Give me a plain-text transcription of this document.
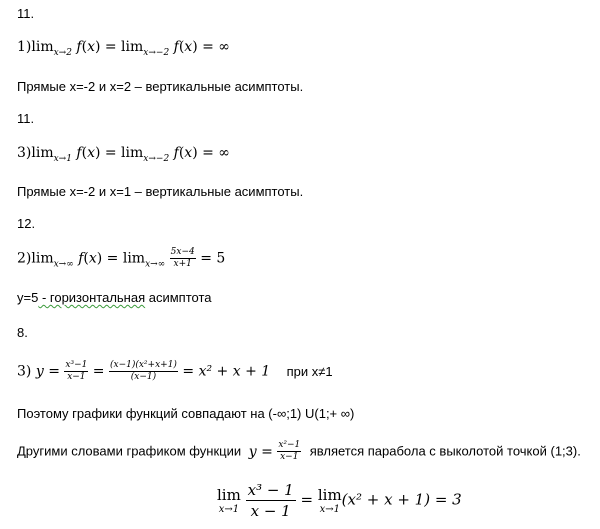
11.
$1)\lim_{x\to 2}$ $f(x) = \lim_{x\to-2} f(x)$ = ∞
Прямые x=-2 и x=2 – вертикальные асимптоты.
11.
$3)\lim_{x\to 1}$ $f(x) = \lim_{x\to-2} f(x)$ = ∞
Прямые x=-2 и x=1 – вертикальные асимптоты.
12.
$2)\lim_{x\to\infty}$ $f(x) = \lim_{x\to\infty} \frac{5x-4}{x+1} = 5$
y=5 - горизонтальная асимптота
8.
3) $y = \frac{\text{x³−1}}{x-1} = \frac{\text{(x−1)(x²+x+1)}}{(x-1)} = x^2 + x + 1$ при x≠1
Поэтому графики функций совпадают на (-∞;1) U(1;+ ∞)
Другими словами графиком функции $y = \frac{\text{x²−1}}{x-1}$ является парабола с выколотой точкой (1;3).
lim
x→1
$\frac{\text{x³ − 1}}{x - 1} = \lim$
x→1
(x² + x + 1) = 3
